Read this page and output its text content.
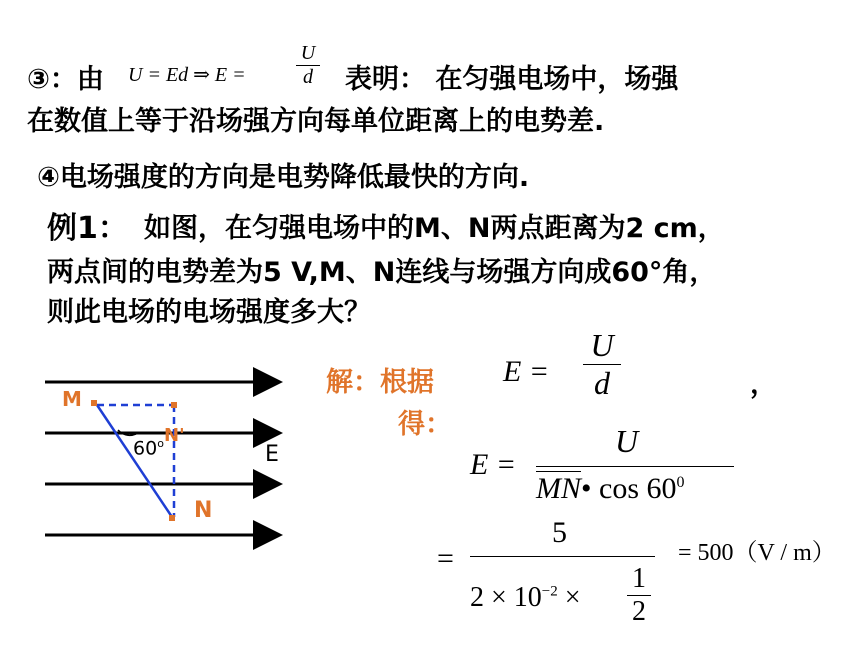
③：由 U = Ed ⇒ E =	$\frac{U}{d}$ 表明： 在匀强电场中，场强
在数值上等于沿场强方向每单位距离上的电势差.
④电场强度的方向是电势降低最快的方向.
例1： 如图，在匀强电场中的M、N两点距离为2 cm，
两点间的电势差为5 V,M、N连线与场强方向成60°角，
则此电场的电场强度多大？
M
N'
N
60$^o$	E
解：根据
得：
$E = \frac{U}{d}$	，
E =
U
MN• $\cos 60^0$
=
5
$2 \times 10^{-2} \times \frac{1}{2}$
= 500（V / m）
